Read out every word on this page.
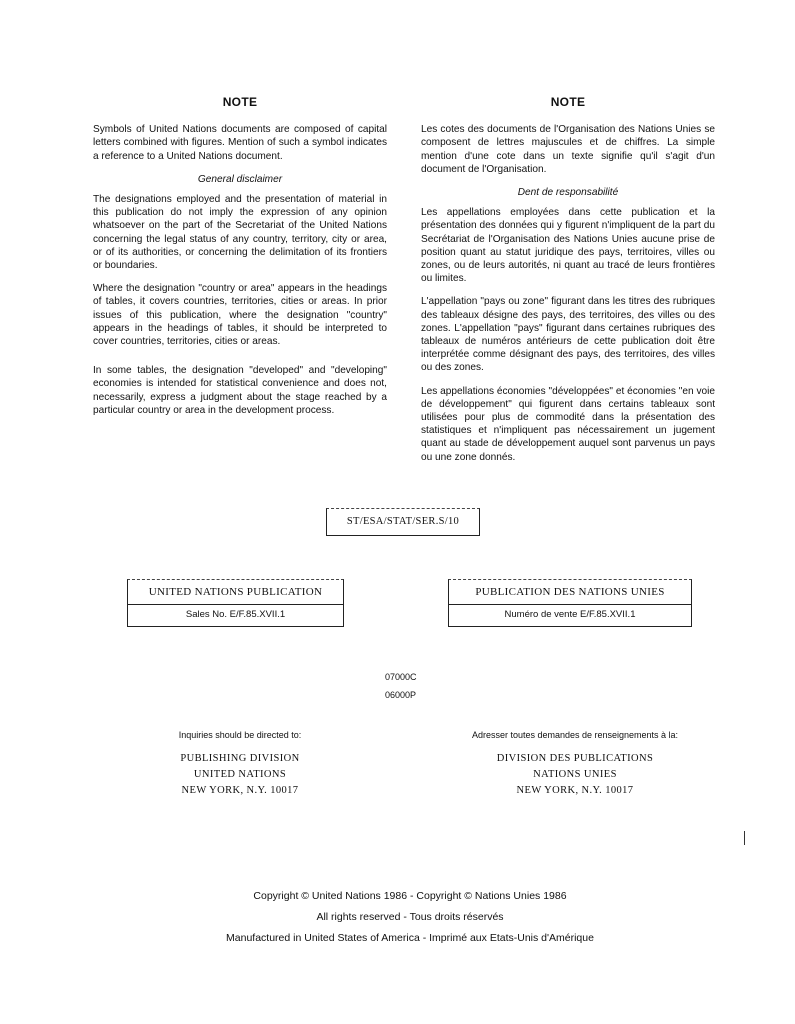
NOTE
Symbols of United Nations documents are composed of capital letters combined with figures. Mention of such a symbol indicates a reference to a United Nations document.
General disclaimer
The designations employed and the presentation of material in this publication do not imply the expression of any opinion whatsoever on the part of the Secretariat of the United Nations concerning the legal status of any country, territory, city or area, or of its authorities, or concerning the delimitation of its frontiers or boundaries.
Where the designation "country or area" appears in the headings of tables, it covers countries, territories, cities or areas. In prior issues of this publication, where the designation "country" appears in the headings of tables, it should be interpreted to cover countries, territories, cities or areas.
In some tables, the designation "developed" and "developing" economies is intended for statistical convenience and does not, necessarily, express a judgment about the stage reached by a particular country or area in the development process.
NOTE
Les cotes des documents de l'Organisation des Nations Unies se composent de lettres majuscules et de chiffres. La simple mention d'une cote dans un texte signifie qu'il s'agit d'un document de l'Organisation.
Dent de responsabilité
Les appellations employées dans cette publication et la présentation des données qui y figurent n'impliquent de la part du Secrétariat de l'Organisation des Nations Unies aucune prise de position quant au statut juridique des pays, territoires, villes ou zones, ou de leurs autorités, ni quant au tracé de leurs frontières ou limites.
L'appellation "pays ou zone" figurant dans les titres des rubriques des tableaux désigne des pays, des territoires, des villes ou des zones. L'appellation "pays" figurant dans certaines rubriques des tableaux de numéros antérieurs de cette publication doit être interprétée comme désignant des pays, des territoires, des villes ou des zones.
Les appellations économies "développées" et économies "en voie de développement" qui figurent dans certains tableaux sont utilisées pour plus de commodité dans la présentation des statistiques et n'impliquent pas nécessairement un jugement quant au stade de développement auquel sont parvenus un pays ou une zone donnés.
ST/ESA/STAT/SER.S/10
UNITED NATIONS PUBLICATION
Sales No. E/F.85.XVII.1
PUBLICATION DES NATIONS UNIES
Numéro de vente E/F.85.XVII.1
07000C
06000P
Inquiries should be directed to:
PUBLISHING DIVISION
UNITED NATIONS
NEW YORK, N.Y. 10017
Adresser toutes demandes de renseignements à la:
DIVISION DES PUBLICATIONS
NATIONS UNIES
NEW YORK, N.Y. 10017
Copyright © United Nations 1986 - Copyright © Nations Unies 1986
All rights reserved - Tous droits réservés
Manufactured in United States of America - Imprimé aux Etats-Unis d'Amérique
